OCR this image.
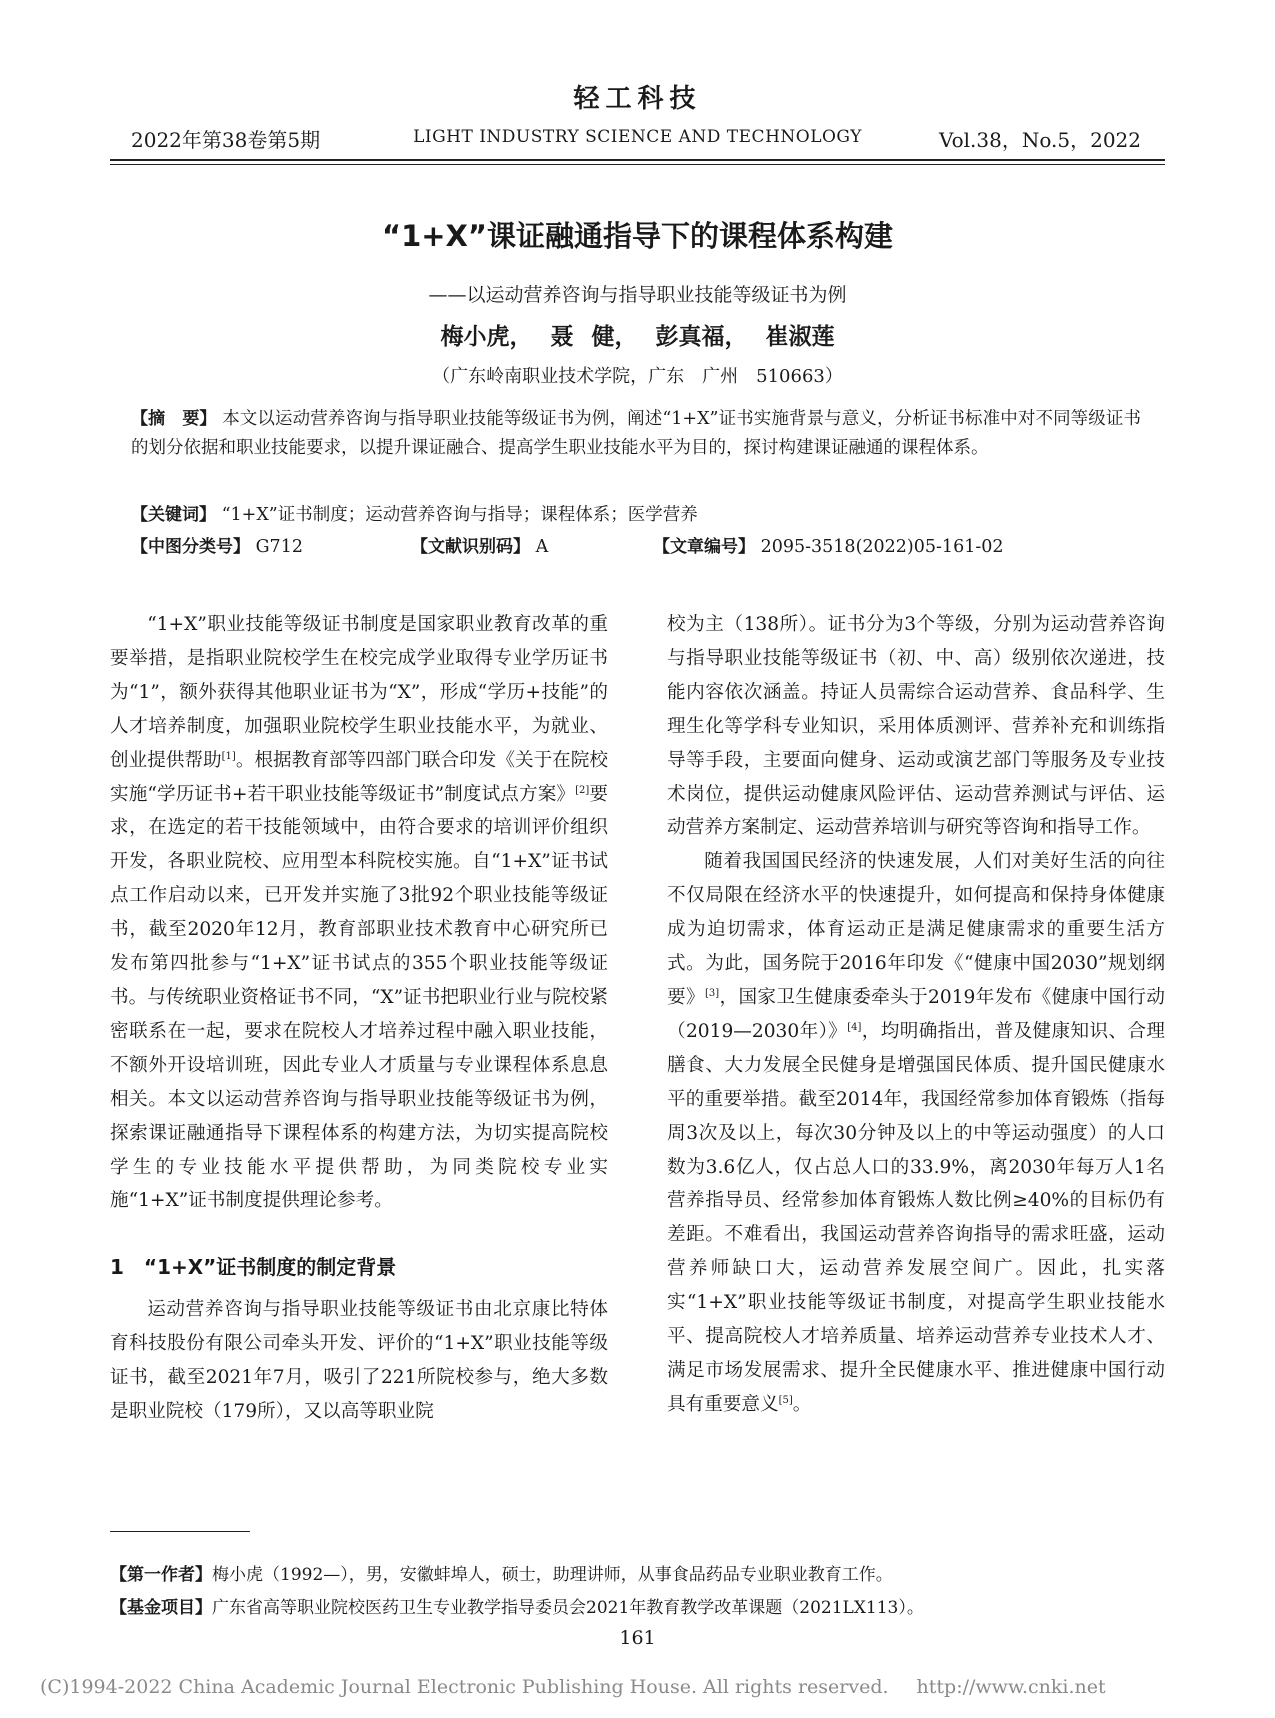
轻工科技
2022年第38卷第5期	LIGHT INDUSTRY SCIENCE AND TECHNOLOGY	Vol.38，No.5，2022
“1+X”课证融通指导下的课程体系构建
——以运动营养咨询与指导职业技能等级证书为例
梅小虎， 聂 健， 彭真福， 崔淑莲
（广东岭南职业技术学院，广东　广州　510663）
【摘　要】 本文以运动营养咨询与指导职业技能等级证书为例，阐述“1+X”证书实施背景与意义，分析证书标准中对不同等级证书的划分依据和职业技能要求，以提升课证融合、提高学生职业技能水平为目的，探讨构建课证融通的课程体系。
【关键词】 “1+X”证书制度；运动营养咨询与指导；课程体系；医学营养
【中图分类号】 G712	【文献识别码】 A	【文章编号】 2095-3518(2022)05-161-02

“1+X”职业技能等级证书制度是国家职业教育改革的重要举措，是指职业院校学生在校完成学业取得专业学历证书为“1”，额外获得其他职业证书为“X”，形成“学历+技能”的人才培养制度，加强职业院校学生职业技能水平，为就业、创业提供帮助[1]。根据教育部等四部门联合印发《关于在院校实施“学历证书+若干职业技能等级证书”制度试点方案》[2]要求，在选定的若干技能领域中，由符合要求的培训评价组织开发，各职业院校、应用型本科院校实施。自“1+X”证书试点工作启动以来，已开发并实施了3批92个职业技能等级证书，截至2020年12月，教育部职业技术教育中心研究所已发布第四批参与“1+X”证书试点的355个职业技能等级证书。与传统职业资格证书不同，“X”证书把职业行业与院校紧密联系在一起，要求在院校人才培养过程中融入职业技能，不额外开设培训班，因此专业人才质量与专业课程体系息息相关。本文以运动营养咨询与指导职业技能等级证书为例，探索课证融通指导下课程体系的构建方法，为切实提高院校学生的专业技能水平提供帮助，为同类院校专业实施“1+X”证书制度提供理论参考。

1 “1+X”证书制度的制定背景

运动营养咨询与指导职业技能等级证书由北京康比特体育科技股份有限公司牵头开发、评价的“1+X”职业技能等级证书，截至2021年7月，吸引了221所院校参与，绝大多数是职业院校（179所），又以高等职业院

校为主（138所）。证书分为3个等级，分别为运动营养咨询与指导职业技能等级证书（初、中、高）级别依次递进，技能内容依次涵盖。持证人员需综合运动营养、食品科学、生理生化等学科专业知识，采用体质测评、营养补充和训练指导等手段，主要面向健身、运动或演艺部门等服务及专业技术岗位，提供运动健康风险评估、运动营养测试与评估、运动营养方案制定、运动营养培训与研究等咨询和指导工作。

随着我国国民经济的快速发展，人们对美好生活的向往不仅局限在经济水平的快速提升，如何提高和保持身体健康成为迫切需求，体育运动正是满足健康需求的重要生活方式。为此，国务院于2016年印发《“健康中国2030”规划纲要》[3]，国家卫生健康委牵头于2019年发布《健康中国行动（2019—2030年）》[4]，均明确指出，普及健康知识、合理膳食、大力发展全民健身是增强国民体质、提升国民健康水平的重要举措。截至2014年，我国经常参加体育锻炼（指每周3次及以上，每次30分钟及以上的中等运动强度）的人口数为3.6亿人，仅占总人口的33.9%，离2030年每万人1名营养指导员、经常参加体育锻炼人数比例≥40%的目标仍有差距。不难看出，我国运动营养咨询指导的需求旺盛，运动营养师缺口大，运动营养发展空间广。因此，扎实落实“1+X”职业技能等级证书制度，对提高学生职业技能水平、提高院校人才培养质量、培养运动营养专业技术人才、满足市场发展需求、提升全民健康水平、推进健康中国行动具有重要意义[5]。

【第一作者】梅小虎（1992—），男，安徽蚌埠人，硕士，助理讲师，从事食品药品专业职业教育工作。
【基金项目】广东省高等职业院校医药卫生专业教学指导委员会2021年教育教学改革课题（2021LX113）。
161
(C)1994-2022 China Academic Journal Electronic Publishing House. All rights reserved. http://www.cnki.net
